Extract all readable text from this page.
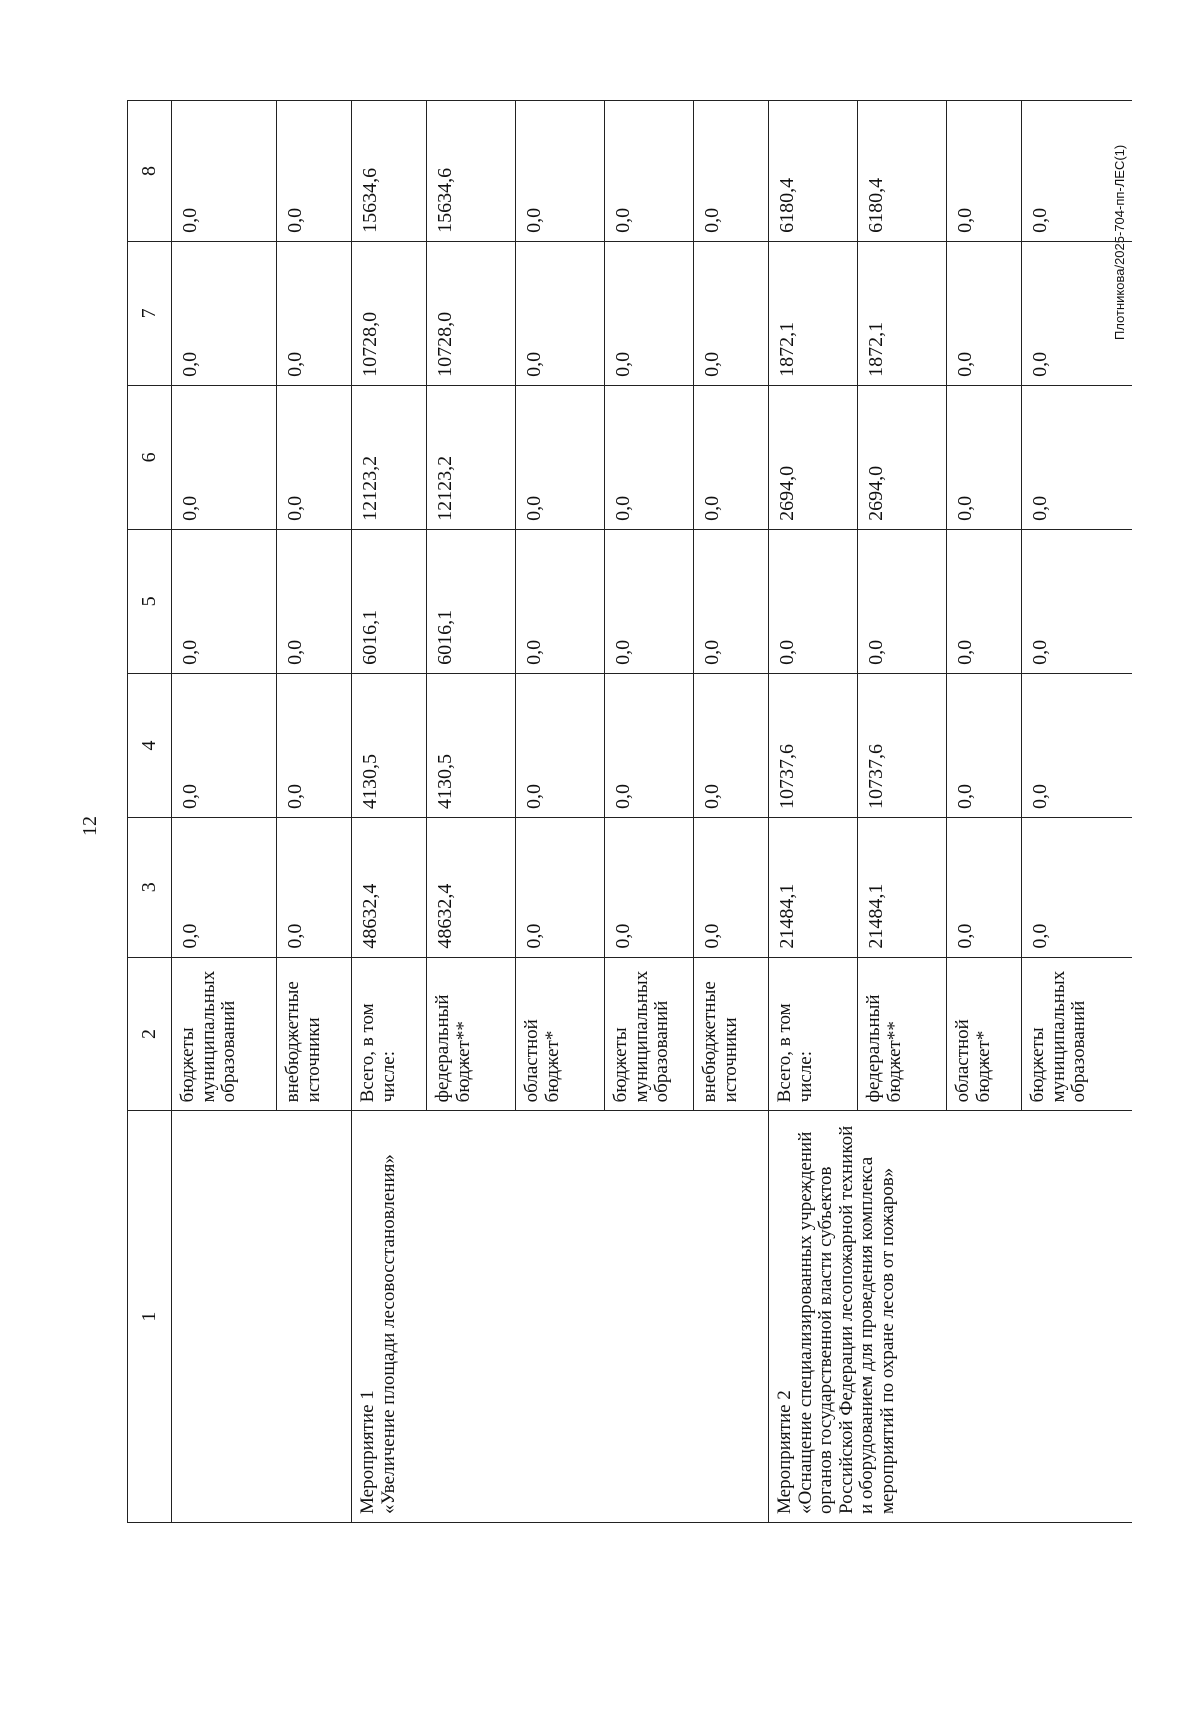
12
Плотникова/2025-704-пп-ЛЕС(1)
1	2	3	4	5	6	7	8
	бюджеты муниципальных образований	0,0	0,0	0,0	0,0	0,0	0,0
	внебюджетные источники	0,0	0,0	0,0	0,0	0,0	0,0

Мероприятие 1 «Увеличение площади лесовосстановления»	Всего, в том числе:	48632,4	4130,5	6016,1	12123,2	10728,0	15634,6
	федеральный бюджет**	48632,4	4130,5	6016,1	12123,2	10728,0	15634,6
	областной бюджет*	0,0	0,0	0,0	0,0	0,0	0,0
	бюджеты муниципальных образований	0,0	0,0	0,0	0,0	0,0	0,0
	внебюджетные источники	0,0	0,0	0,0	0,0	0,0	0,0

Мероприятие 2 «Оснащение специализированных учреждений органов государственной власти субъектов Российской Федерации лесопожарной техникой и оборудованием для проведения комплекса мероприятий по охране лесов от пожаров»	Всего, в том числе:	21484,1	10737,6	0,0	2694,0	1872,1	6180,4
	федеральный бюджет**	21484,1	10737,6	0,0	2694,0	1872,1	6180,4
	областной бюджет*	0,0	0,0	0,0	0,0	0,0	0,0
	бюджеты муниципальных образований	0,0	0,0	0,0	0,0	0,0	0,0
